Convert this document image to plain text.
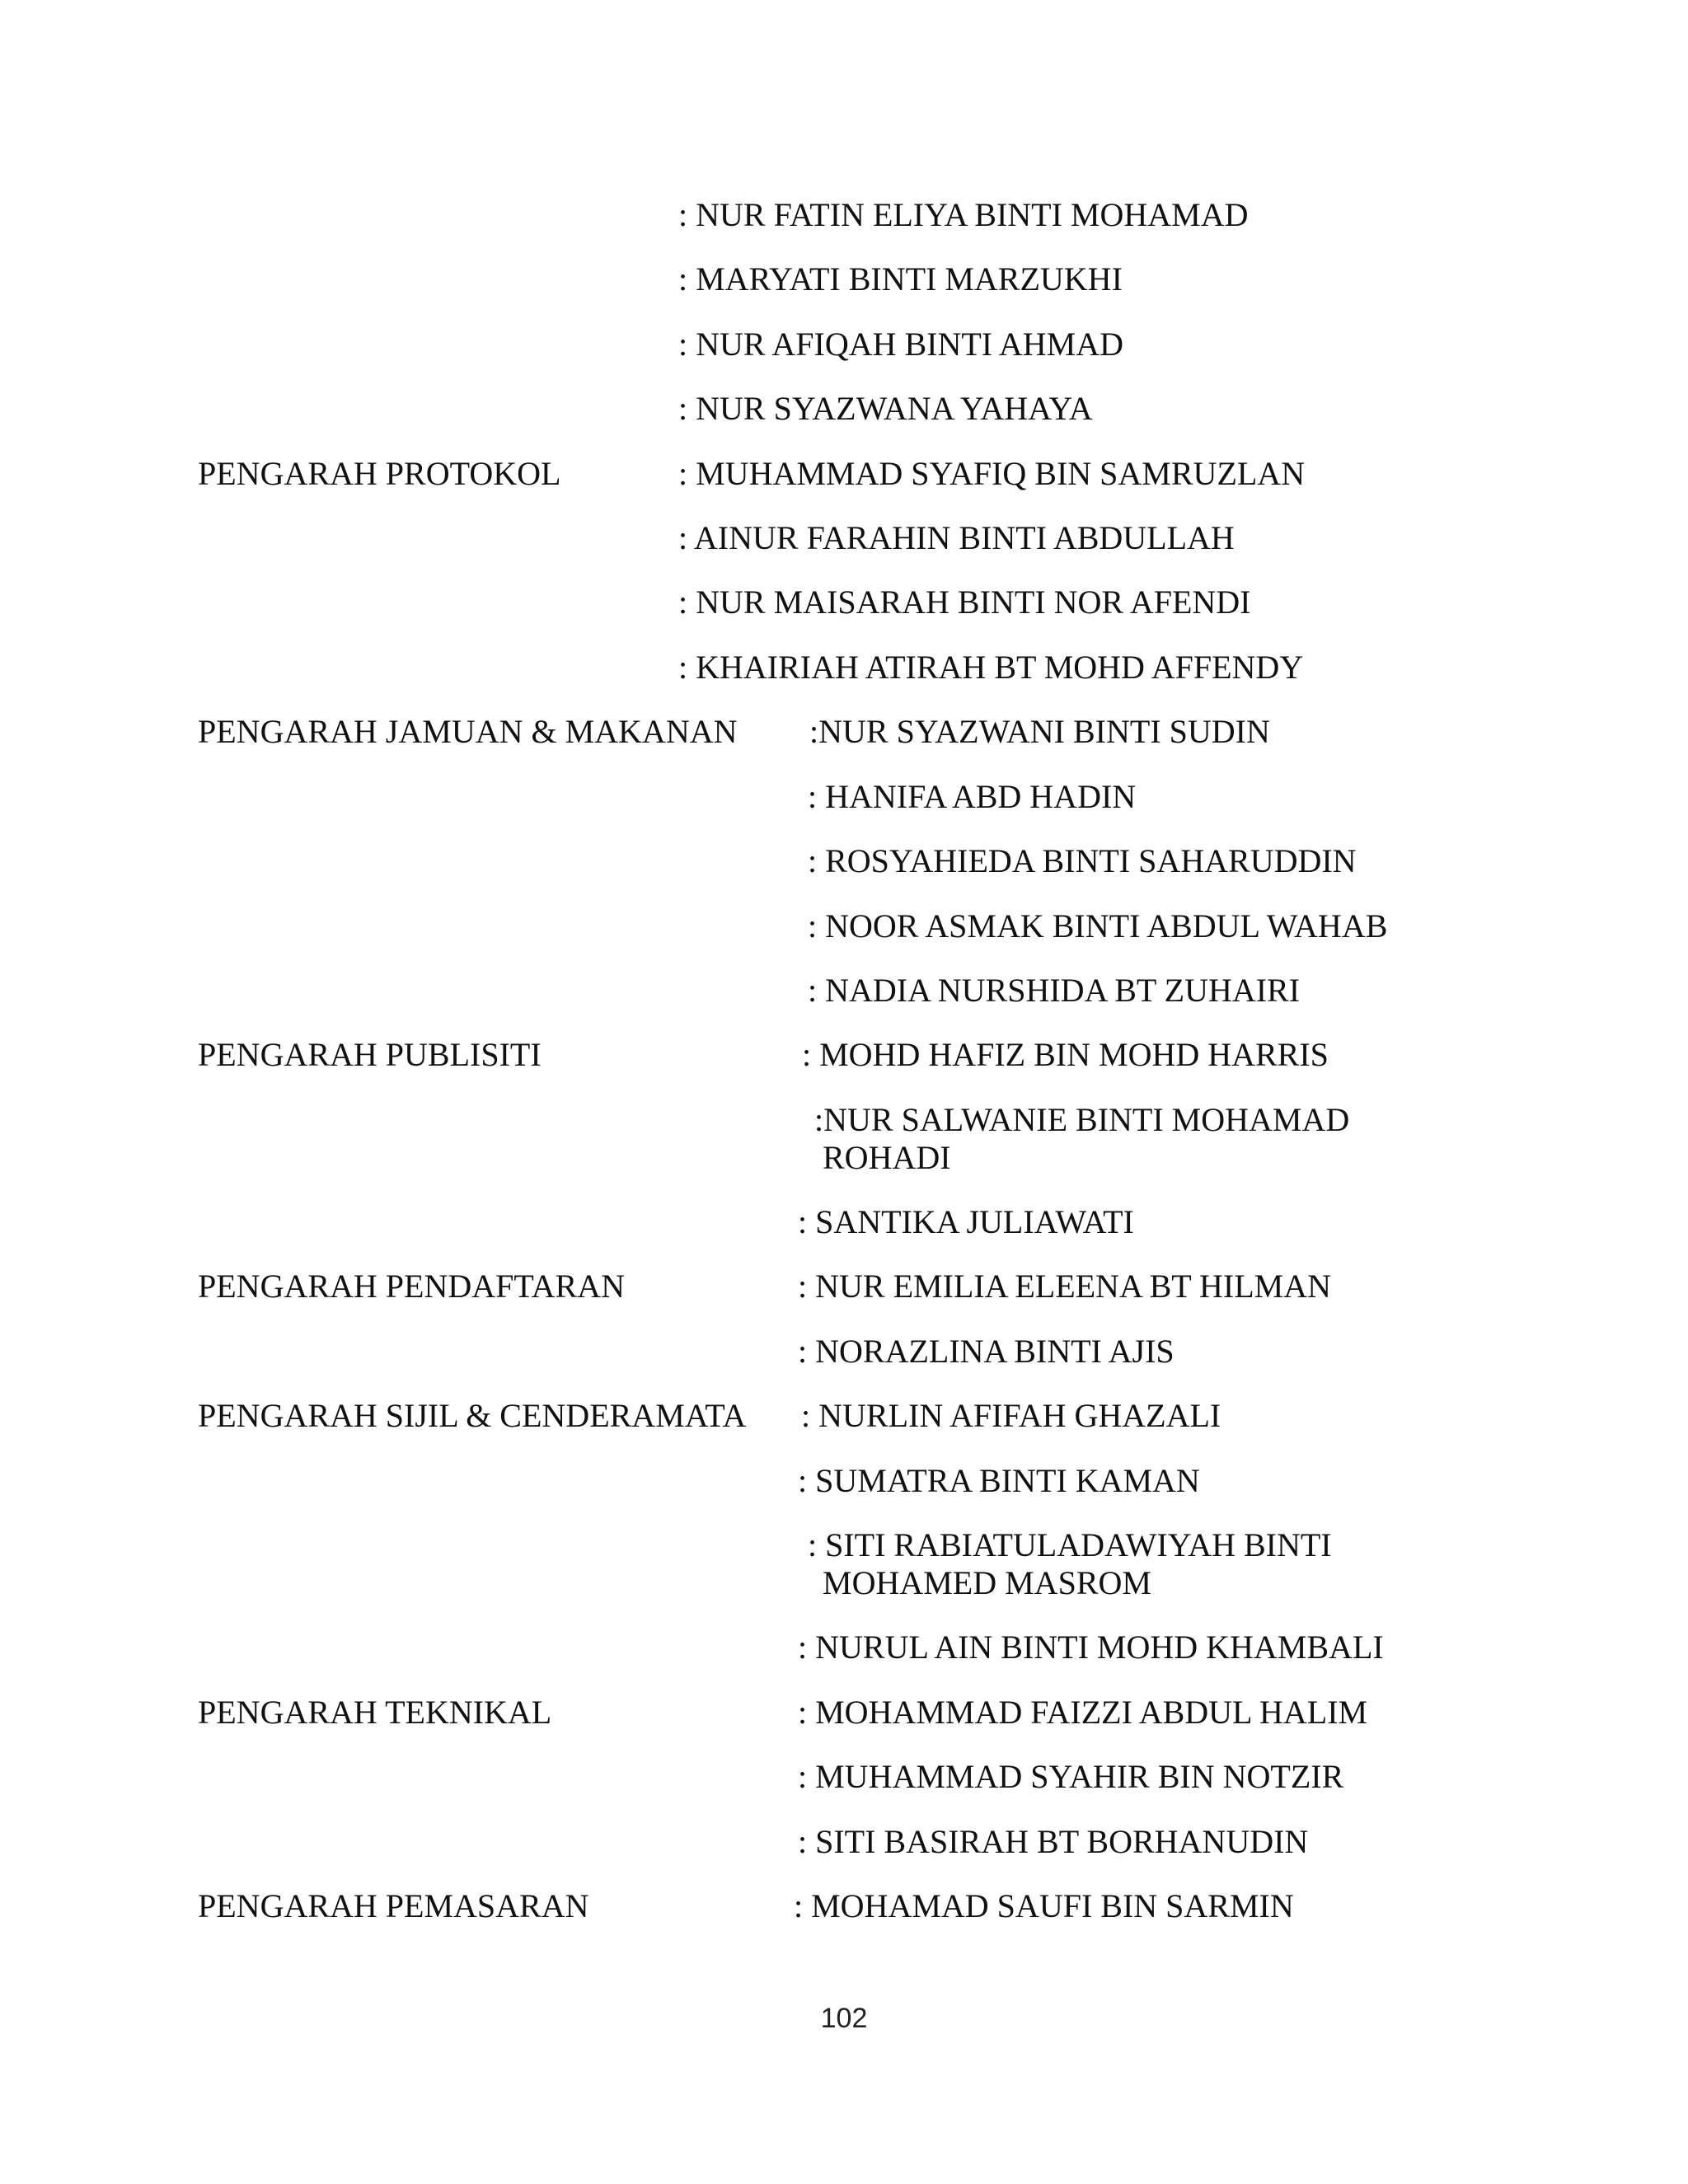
: NUR FATIN ELIYA BINTI MOHAMAD
: MARYATI BINTI MARZUKHI
: NUR AFIQAH BINTI AHMAD
: NUR SYAZWANA YAHAYA
PENGARAH PROTOKOL	: MUHAMMAD SYAFIQ BIN SAMRUZLAN
: AINUR FARAHIN BINTI ABDULLAH
: NUR MAISARAH BINTI NOR AFENDI
: KHAIRIAH ATIRAH BT MOHD AFFENDY
PENGARAH JAMUAN & MAKANAN :NUR SYAZWANI BINTI SUDIN
: HANIFA ABD HADIN
: ROSYAHIEDA BINTI SAHARUDDIN
: NOOR ASMAK BINTI ABDUL WAHAB
: NADIA NURSHIDA BT ZUHAIRI
PENGARAH PUBLISITI	: MOHD HAFIZ BIN MOHD HARRIS
:NUR SALWANIE BINTI MOHAMAD
ROHADI
: SANTIKA JULIAWATI
PENGARAH PENDAFTARAN	: NUR EMILIA ELEENA BT HILMAN
: NORAZLINA BINTI AJIS
PENGARAH SIJIL & CENDERAMATA : NURLIN AFIFAH GHAZALI
: SUMATRA BINTI KAMAN
: SITI RABIATULADAWIYAH BINTI
MOHAMED MASROM
: NURUL AIN BINTI MOHD KHAMBALI
PENGARAH TEKNIKAL	: MOHAMMAD FAIZZI ABDUL HALIM
: MUHAMMAD SYAHIR BIN NOTZIR
: SITI BASIRAH BT BORHANUDIN
PENGARAH PEMASARAN	: MOHAMAD SAUFI BIN SARMIN
102
